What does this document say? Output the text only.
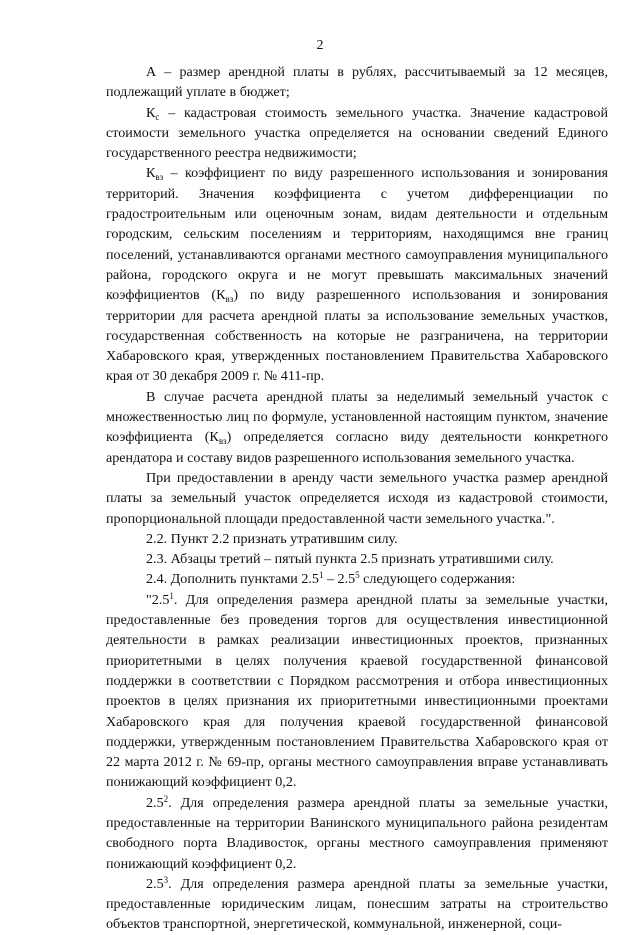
2

А – размер арендной платы в рублях, рассчитываемый за 12 месяцев, подлежащий уплате в бюджет;

$К_с$ – кадастровая стоимость земельного участка. Значение кадастровой стоимости земельного участка определяется на основании сведений Единого государственного реестра недвижимости;

$К_{вз}$ – коэффициент по виду разрешенного использования и зонирования территорий. Значения коэффициента с учетом дифференциации по градостроительным или оценочным зонам, видам деятельности и отдельным городским, сельским поселениям и территориям, находящимся вне границ поселений, устанавливаются органами местного самоуправления муниципального района, городского округа и не могут превышать максимальных значений коэффициентов $(К_{вз})$ по виду разрешенного использования и зонирования территории для расчета арендной платы за использование земельных участков, государственная собственность на которые не разграничена, на территории Хабаровского края, утвержденных постановлением Правительства Хабаровского края от 30 декабря 2009 г. № 411-пр.

В случае расчета арендной платы за неделимый земельный участок с множественностью лиц по формуле, установленной настоящим пунктом, значение коэффициента $(К_{вз})$ определяется согласно виду деятельности конкретного арендатора и составу видов разрешенного использования земельного участка.

При предоставлении в аренду части земельного участка размер арендной платы за земельный участок определяется исходя из кадастровой стоимости, пропорциональной площади предоставленной части земельного участка.".

2.2. Пункт 2.2 признать утратившим силу.

2.3. Абзацы третий – пятый пункта 2.5 признать утратившими силу.

2.4. Дополнить пунктами $2.5^1 - 2.5^5$ следующего содержания:

"$2.5^1$. Для определения размера арендной платы за земельные участки, предоставленные без проведения торгов для осуществления инвестиционной деятельности в рамках реализации инвестиционных проектов, признанных приоритетными в целях получения краевой государственной финансовой поддержки в соответствии с Порядком рассмотрения и отбора инвестиционных проектов в целях признания их приоритетными инвестиционными проектами Хабаровского края для получения краевой государственной финансовой поддержки, утвержденным постановлением Правительства Хабаровского края от 22 марта 2012 г. № 69-пр, органы местного самоуправления вправе устанавливать понижающий коэффициент 0,2.

$2.5^2$. Для определения размера арендной платы за земельные участки, предоставленные на территории Ванинского муниципального района резидентам свободного порта Владивосток, органы местного самоуправления применяют понижающий коэффициент 0,2.

$2.5^3$. Для определения размера арендной платы за земельные участки, предоставленные юридическим лицам, понесшим затраты на строительство объектов транспортной, энергетической, коммунальной, инженерной, соци-
